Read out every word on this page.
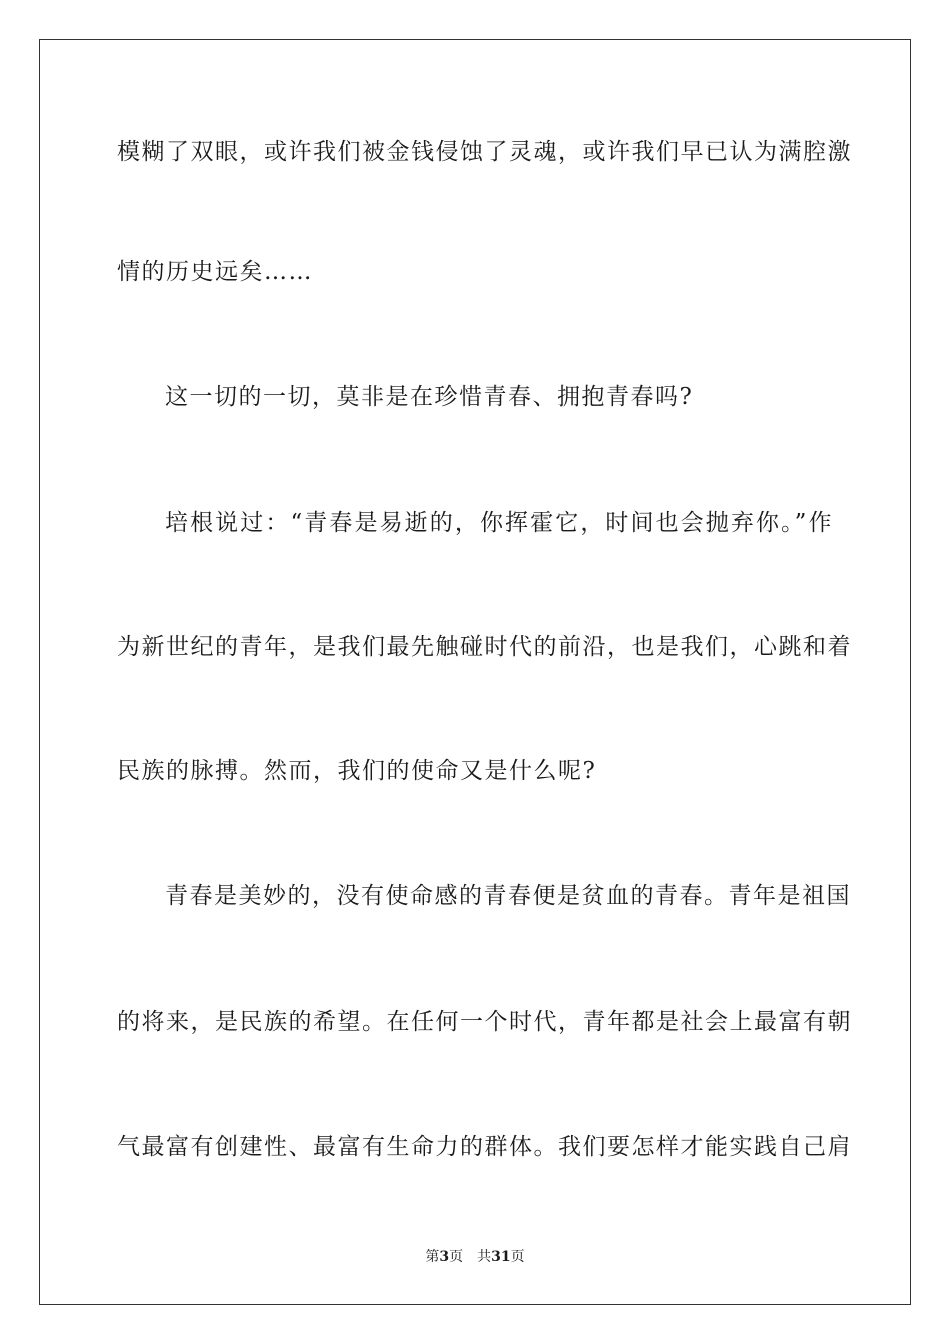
模糊了双眼，或许我们被金钱侵蚀了灵魂，或许我们早已认为满腔激
情的历史远矣……
这一切的一切，莫非是在珍惜青春、拥抱青春吗?
培根说过：“青春是易逝的，你挥霍它，时间也会抛弃你。”作
为新世纪的青年，是我们最先触碰时代的前沿，也是我们，心跳和着
民族的脉搏。然而，我们的使命又是什么呢?
青春是美妙的，没有使命感的青春便是贫血的青春。青年是祖国
的将来，是民族的希望。在任何一个时代，青年都是社会上最富有朝
气最富有创建性、最富有生命力的群体。我们要怎样才能实践自己肩
第3页 共31页
